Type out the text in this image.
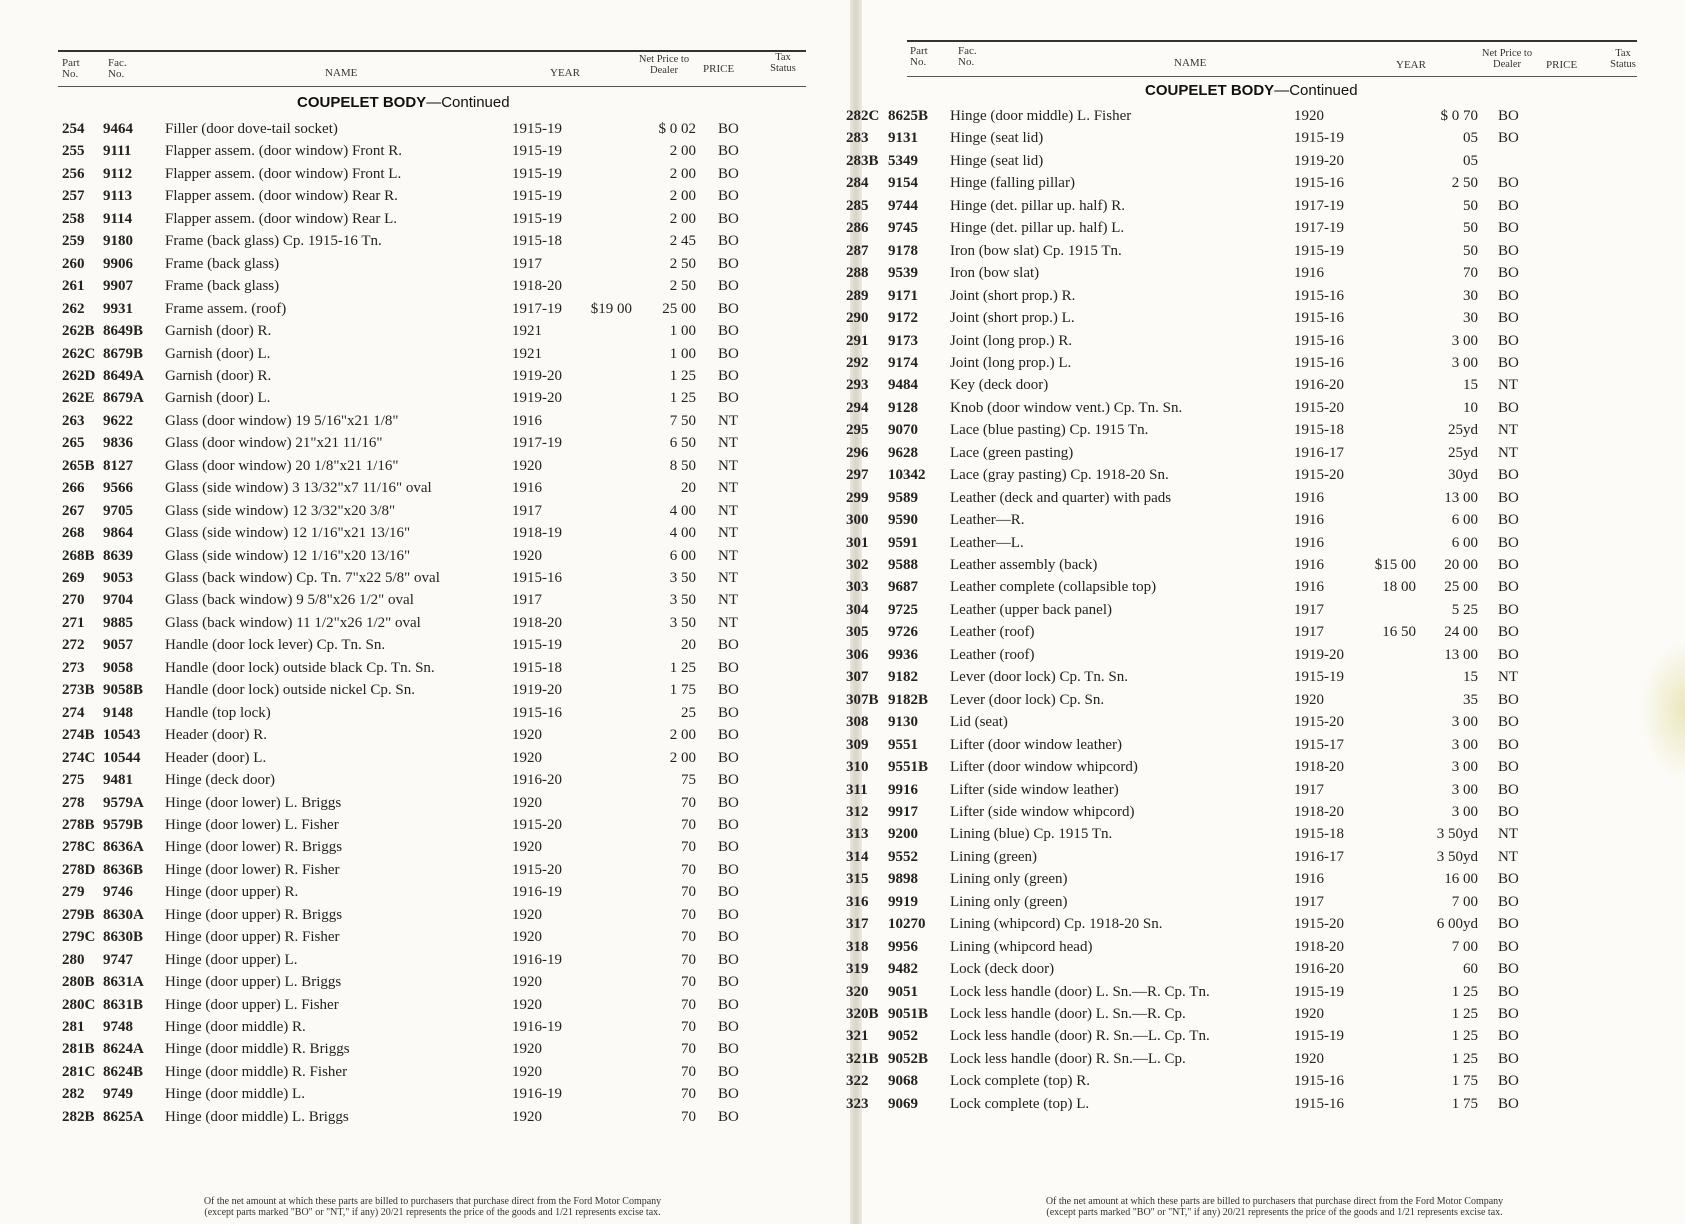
Part No.
Fac. No.	NAME	YEAR
Net Price to Dealer	PRICE
Tax Status
COUPELET BODY—Continued
254	9464	Filler (door dove-tail socket)	1915-19	$ 0 02 BO
255	9111	Flapper assem. (door window) Front R.	1915-19	2 00 BO
256	9112	Flapper assem. (door window) Front L.	1915-19	2 00 BO
257	9113	Flapper assem. (door window) Rear R.	1915-19	2 00 BO
258	9114	Flapper assem. (door window) Rear L.	1915-19	2 00 BO
259	9180	Frame (back glass) Cp. 1915-16 Tn.	1915-18	2 45 BO
260	9906	Frame (back glass)	1917	2 50 BO
261	9907	Frame (back glass)	1918-20	2 50 BO
262	9931	Frame assem. (roof)	1917-19	$19 00	25 00 BO
262B 8649B	Garnish (door) R.	1921	1 00 BO
262C 8679B	Garnish (door) L.	1921	1 00 BO
262D 8649A	Garnish (door) R.	1919-20	1 25 BO
262E 8679A	Garnish (door) L.	1919-20	1 25 BO
263	9622	Glass (door window) 19 5/16"x21 1/8"	1916	7 50 NT
265	9836	Glass (door window) 21"x21 11/16"	1917-19	6 50 NT
265B 8127	Glass (door window) 20 1/8"x21 1/16"	1920	8 50 NT
266	9566	Glass (side window) 3 13/32"x7 11/16" oval	1916	20 NT
267	9705	Glass (side window) 12 3/32"x20 3/8"	1917	4 00 NT
268	9864	Glass (side window) 12 1/16"x21 13/16"	1918-19	4 00 NT
268B 8639	Glass (side window) 12 1/16"x20 13/16"	1920	6 00 NT
269	9053	Glass (back window) Cp. Tn. 7"x22 5/8" oval	1915-16	3 50 NT
270	9704	Glass (back window) 9 5/8"x26 1/2" oval	1917	3 50 NT
271	9885	Glass (back window) 11 1/2"x26 1/2" oval	1918-20	3 50 NT
272	9057	Handle (door lock lever) Cp. Tn. Sn.	1915-19	20 BO
273	9058	Handle (door lock) outside black Cp. Tn. Sn.	1915-18	1 25 BO
273B 9058B	Handle (door lock) outside nickel Cp. Sn.	1919-20	1 75 BO
274	9148	Handle (top lock)	1915-16	25 BO
274B 10543	Header (door) R.	1920	2 00 BO
274C 10544	Header (door) L.	1920	2 00 BO
275	9481	Hinge (deck door)	1916-20	75 BO
278	9579A	Hinge (door lower) L. Briggs	1920	70 BO
278B 9579B	Hinge (door lower) L. Fisher	1915-20	70 BO
278C 8636A	Hinge (door lower) R. Briggs	1920	70 BO
278D 8636B	Hinge (door lower) R. Fisher	1915-20	70 BO
279	9746	Hinge (door upper) R.	1916-19	70 BO
279B 8630A	Hinge (door upper) R. Briggs	1920	70 BO
279C 8630B	Hinge (door upper) R. Fisher	1920	70 BO
280	9747	Hinge (door upper) L.	1916-19	70 BO
280B 8631A	Hinge (door upper) L. Briggs	1920	70 BO
280C 8631B	Hinge (door upper) L. Fisher	1920	70 BO
281	9748	Hinge (door middle) R.	1916-19	70 BO
281B 8624A	Hinge (door middle) R. Briggs	1920	70 BO
281C 8624B	Hinge (door middle) R. Fisher	1920	70 BO
282	9749	Hinge (door middle) L.	1916-19	70 BO
282B 8625A	Hinge (door middle) L. Briggs	1920	70 BO
Of the net amount at which these parts are billed to purchasers that purchase direct from the Ford Motor Company
(except parts marked "BO" or "NT," if any) 20/21 represents the price of the goods and 1/21 represents excise tax.
Part No.
Fac. No.	NAME	YEAR
Net Price to Dealer	PRICE
Tax Status
COUPELET BODY—Continued
282C 8625B	Hinge (door middle) L. Fisher	1920	$ 0 70 BO
283	9131	Hinge (seat lid)	1915-19	05 BO
283B 5349	Hinge (seat lid)	1919-20	05
284	9154	Hinge (falling pillar)	1915-16	2 50 BO
285	9744	Hinge (det. pillar up. half) R.	1917-19	50 BO
286	9745	Hinge (det. pillar up. half) L.	1917-19	50 BO
287	9178	Iron (bow slat) Cp. 1915 Tn.	1915-19	50 BO
288	9539	Iron (bow slat)	1916	70 BO
289	9171	Joint (short prop.) R.	1915-16	30 BO
290	9172	Joint (short prop.) L.	1915-16	30 BO
291	9173	Joint (long prop.) R.	1915-16	3 00 BO
292	9174	Joint (long prop.) L.	1915-16	3 00 BO
293	9484	Key (deck door)	1916-20	15 NT
294	9128	Knob (door window vent.) Cp. Tn. Sn.	1915-20	10 BO
295	9070	Lace (blue pasting) Cp. 1915 Tn.	1915-18	25yd NT
296	9628	Lace (green pasting)	1916-17	25yd NT
297	10342	Lace (gray pasting) Cp. 1918-20 Sn.	1915-20	30yd BO
299	9589	Leather (deck and quarter) with pads	1916	13 00 BO
300	9590	Leather—R.	1916	6 00 BO
301	9591	Leather—L.	1916	6 00 BO
302	9588	Leather assembly (back)	1916	$15 00	20 00 BO
303	9687	Leather complete (collapsible top)	1916	18 00	25 00 BO
304	9725	Leather (upper back panel)	1917	5 25 BO
305	9726	Leather (roof)	1917	16 50	24 00 BO
306	9936	Leather (roof)	1919-20	13 00 BO
307	9182	Lever (door lock) Cp. Tn. Sn.	1915-19	15 NT
307B 9182B	Lever (door lock) Cp. Sn.	1920	35 BO
308	9130	Lid (seat)	1915-20	3 00 BO
309	9551	Lifter (door window leather)	1915-17	3 00 BO
310	9551B	Lifter (door window whipcord)	1918-20	3 00 BO
311	9916	Lifter (side window leather)	1917	3 00 BO
312	9917	Lifter (side window whipcord)	1918-20	3 00 BO
313	9200	Lining (blue) Cp. 1915 Tn.	1915-18	3 50yd NT
314	9552	Lining (green)	1916-17	3 50yd NT
315	9898	Lining only (green)	1916	16 00 BO
316	9919	Lining only (green)	1917	7 00 BO
317	10270	Lining (whipcord) Cp. 1918-20 Sn.	1915-20	6 00yd BO
318	9956	Lining (whipcord head)	1918-20	7 00 BO
319	9482	Lock (deck door)	1916-20	60 BO
320	9051	Lock less handle (door) L. Sn.—R. Cp. Tn.	1915-19	1 25 BO
320B 9051B	Lock less handle (door) L. Sn.—R. Cp.	1920	1 25 BO
321	9052	Lock less handle (door) R. Sn.—L. Cp. Tn.	1915-19	1 25 BO
321B 9052B	Lock less handle (door) R. Sn.—L. Cp.	1920	1 25 BO
322	9068	Lock complete (top) R.	1915-16	1 75 BO
323	9069	Lock complete (top) L.	1915-16	1 75 BO
Of the net amount at which these parts are billed to purchasers that purchase direct from the Ford Motor Company
(except parts marked "BO" or "NT," if any) 20/21 represents the price of the goods and 1/21 represents excise tax.
